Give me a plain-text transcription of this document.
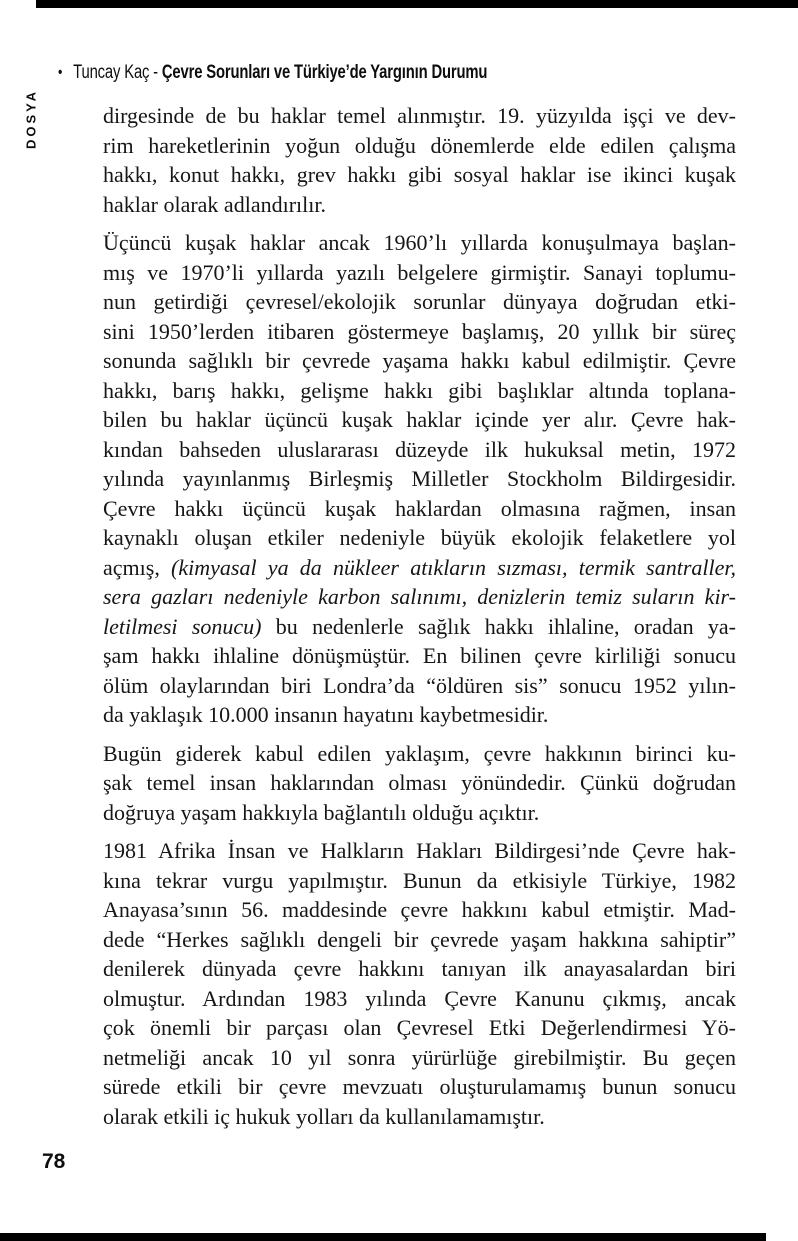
• Tuncay Kaç - Çevre Sorunları ve Türkiye’de Yargının Durumu
DOSYA	dirgesinde de bu haklar temel alınmıştır. 19. yüzyılda işçi ve dev-
rim hareketlerinin yoğun olduğu dönemlerde elde edilen çalışma
hakkı, konut hakkı, grev hakkı gibi sosyal haklar ise ikinci kuşak
haklar olarak adlandırılır.
Üçüncü kuşak haklar ancak 1960’lı yıllarda konuşulmaya başlan-
mış ve 1970’li yıllarda yazılı belgelere girmiştir. Sanayi toplumu-
nun getirdiği çevresel/ekolojik sorunlar dünyaya doğrudan etki-
sini 1950’lerden itibaren göstermeye başlamış, 20 yıllık bir süreç
sonunda sağlıklı bir çevrede yaşama hakkı kabul edilmiştir. Çevre
hakkı, barış hakkı, gelişme hakkı gibi başlıklar altında toplana-
bilen bu haklar üçüncü kuşak haklar içinde yer alır. Çevre hak-
kından bahseden uluslararası düzeyde ilk hukuksal metin, 1972
yılında yayınlanmış Birleşmiş Milletler Stockholm Bildirgesidir.
Çevre hakkı üçüncü kuşak haklardan olmasına rağmen, insan
kaynaklı oluşan etkiler nedeniyle büyük ekolojik felaketlere yol
açmış, (kimyasal ya da nükleer atıkların sızması, termik santraller,
sera gazları nedeniyle karbon salınımı, denizlerin temiz suların kir-
letilmesi sonucu) bu nedenlerle sağlık hakkı ihlaline, oradan ya-
şam hakkı ihlaline dönüşmüştür. En bilinen çevre kirliliği sonucu
ölüm olaylarından biri Londra’da “öldüren sis” sonucu 1952 yılın-
da yaklaşık 10.000 insanın hayatını kaybetmesidir.
Bugün giderek kabul edilen yaklaşım, çevre hakkının birinci ku-
şak temel insan haklarından olması yönündedir. Çünkü doğrudan
doğruya yaşam hakkıyla bağlantılı olduğu açıktır.
1981 Afrika İnsan ve Halkların Hakları Bildirgesi’nde Çevre hak-
kına tekrar vurgu yapılmıştır. Bunun da etkisiyle Türkiye, 1982
Anayasa’sının 56. maddesinde çevre hakkını kabul etmiştir. Mad-
dede “Herkes sağlıklı dengeli bir çevrede yaşam hakkına sahiptir”
denilerek dünyada çevre hakkını tanıyan ilk anayasalardan biri
olmuştur. Ardından 1983 yılında Çevre Kanunu çıkmış, ancak
çok önemli bir parçası olan Çevresel Etki Değerlendirmesi Yö-
netmeliği ancak 10 yıl sonra yürürlüğe girebilmiştir. Bu geçen
sürede etkili bir çevre mevzuatı oluşturulamamış bunun sonucu
olarak etkili iç hukuk yolları da kullanılamamıştır.
78
